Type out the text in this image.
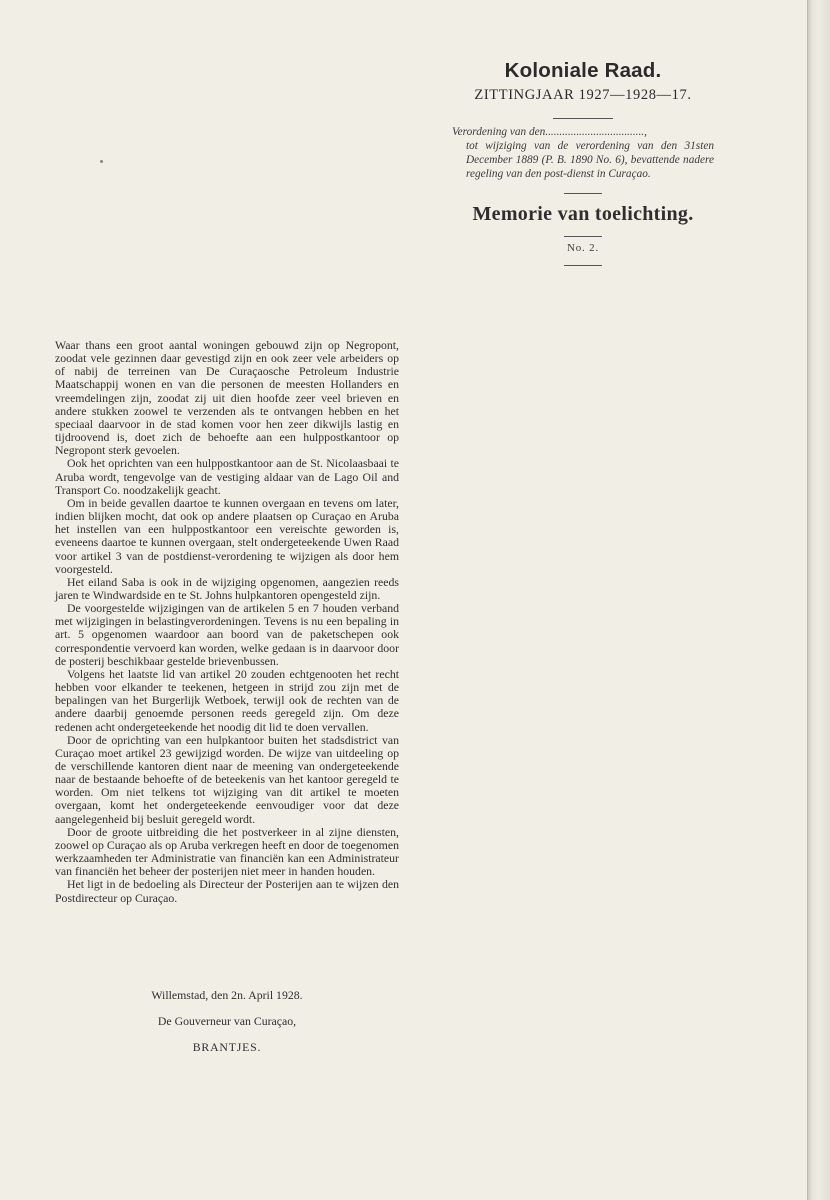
Koloniale Raad.
ZITTINGJAAR 1927—1928—17.
Verordening van den...................................,
tot wijziging van de verordening van den 31sten December 1889 (P. B. 1890 No. 6), bevattende nadere regeling van den post-dienst in Curaçao.
Memorie van toelichting.
No. 2.

Waar thans een groot aantal woningen gebouwd zijn op Negropont, zoodat vele gezinnen daar gevestigd zijn en ook zeer vele arbeiders op of nabij de terreinen van De Curaçaosche Petroleum Industrie Maatschappij wonen en van die personen de meesten Hollanders en vreemdelingen zijn, zoodat zij uit dien hoofde zeer veel brieven en andere stukken zoowel te verzenden als te ontvangen hebben en het speciaal daarvoor in de stad komen voor hen zeer dikwijls lastig en tijdroovend is, doet zich de behoefte aan een hulppostkantoor op Negropont sterk gevoelen.

Ook het oprichten van een hulppostkantoor aan de St. Nicolaasbaai te Aruba wordt, tengevolge van de vestiging aldaar van de Lago Oil and Transport Co. noodzakelijk geacht.

Om in beide gevallen daartoe te kunnen overgaan en tevens om later, indien blijken mocht, dat ook op andere plaatsen op Curaçao en Aruba het instellen van een hulppostkantoor een vereischte geworden is, eveneens daartoe te kunnen overgaan, stelt ondergeteekende Uwen Raad voor artikel 3 van de postdienst-verordening te wijzigen als door hem voorgesteld.

Het eiland Saba is ook in de wijziging opgenomen, aangezien reeds jaren te Windwardside en te St. Johns hulpkantoren opengesteld zijn.

De voorgestelde wijzigingen van de artikelen 5 en 7 houden verband met wijzigingen in belastingverordeningen. Tevens is nu een bepaling in art. 5 opgenomen waardoor aan boord van de paketschepen ook correspondentie vervoerd kan worden, welke gedaan is in daarvoor door de posterij beschikbaar gestelde brievenbussen.

Volgens het laatste lid van artikel 20 zouden echtgenooten het recht hebben voor elkander te teekenen, hetgeen in strijd zou zijn met de bepalingen van het Burgerlijk Wetboek, terwijl ook de rechten van de andere daarbij genoemde personen reeds geregeld zijn. Om deze redenen acht ondergeteekende het noodig dit lid te doen vervallen.

Door de oprichting van een hulpkantoor buiten het stadsdistrict van Curaçao moet artikel 23 gewijzigd worden. De wijze van uitdeeling op de verschillende kantoren dient naar de meening van ondergeteekende naar de bestaande behoefte of de beteekenis van het kantoor geregeld te worden. Om niet telkens tot wijziging van dit artikel te moeten overgaan, komt het ondergeteekende eenvoudiger voor dat deze aangelegenheid bij besluit geregeld wordt.

Door de groote uitbreiding die het postverkeer in al zijne diensten, zoowel op Curaçao als op Aruba verkregen heeft en door de toegenomen werkzaamheden ter Administratie van financiën kan een Administrateur van financiën het beheer der posterijen niet meer in handen houden.

Het ligt in de bedoeling als Directeur der Posterijen aan te wijzen den Postdirecteur op Curaçao.

Willemstad, den 2n. April 1928.
De Gouverneur van Curaçao,
BRANTJES.
